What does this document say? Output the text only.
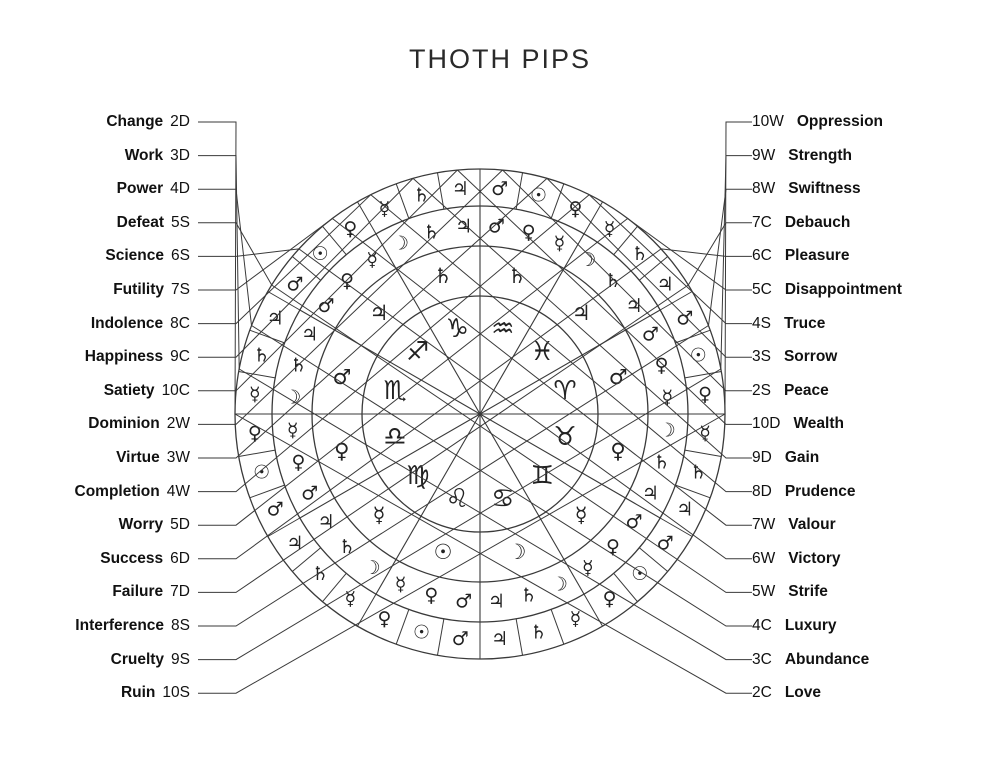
THOTH PIPS
♈
♉
♊
♋
♌
♍
♎
♏
♐
♑ ♒
♓
♂
♀
☿
☽
☉
☿
♀
♂
♃
♄	♄
♃
♂
♀
☿
☽
♄
♃
♂
♀
☿
☽
♄
♃
♂
♀
☿
☽
♄
♃
♂
♀
☿
☽
♄
♃
♂
♀
☿
☽
♄ ♃ ♂ ♀
☿
☽
♄
♃
♂
☉
♀
☿
♄
♃
♂
☉
♀
☿
♄
♃
♂
☉
♀
☿
♄
♃
♂
☉
♀
☿
♄
♃
♂
☉
♀
☿
♄ ♃ ♂ ☉
♀
☿
♄
♃
Change 2D
Work 3D
Power 4D
Defeat 5S
Science 6S
Futility 7S
Indolence 8C
Happiness 9C
Satiety 10C
Dominion 2W
Virtue 3W
Completion 4W
Worry 5D
Success 6D
Failure 7D
Interference 8S
Cruelty 9S
Ruin 10S
10W Oppression
9W Strength
8W Swiftness
7C Debauch
6C Pleasure
5C Disappointment
4S Truce
3S Sorrow
2S Peace
10D Wealth
9D Gain
8D Prudence
7W Valour
6W Victory
5W Strife
4C Luxury
3C Abundance
2C Love
